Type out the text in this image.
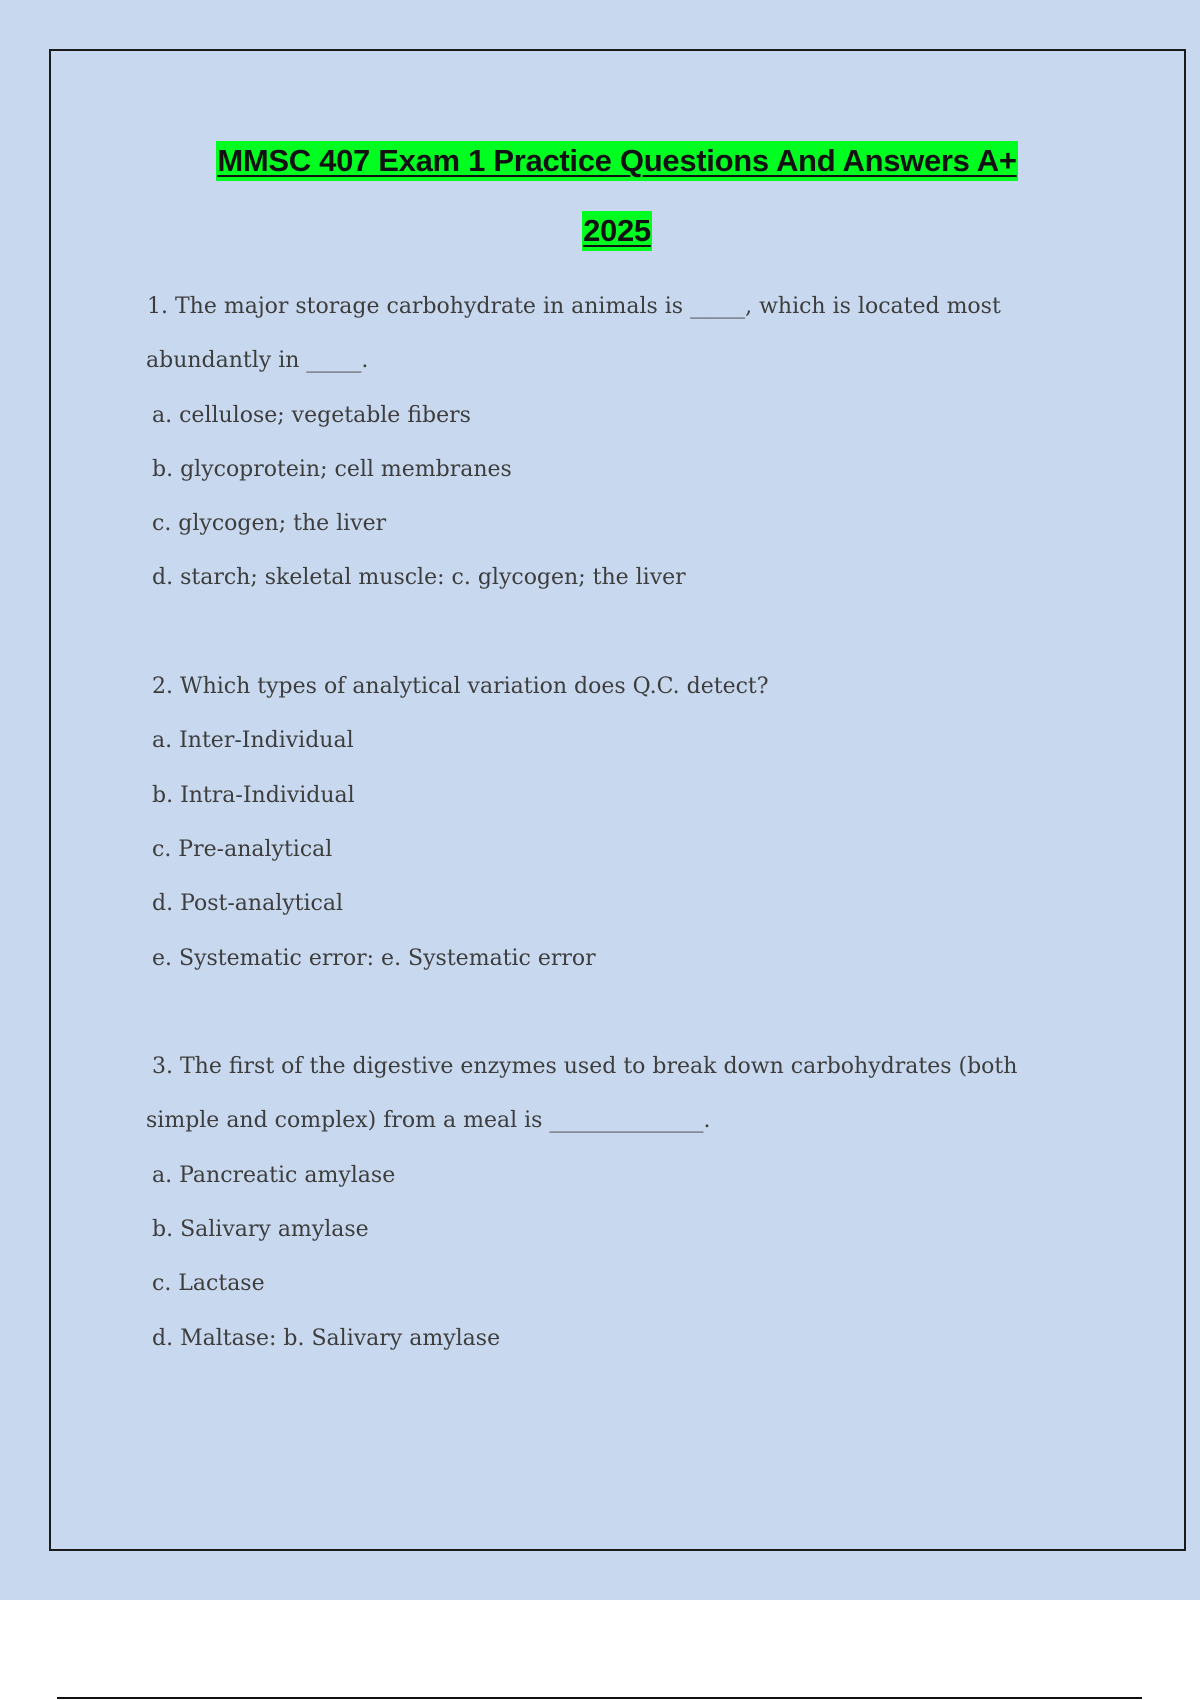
MMSC 407 Exam 1 Practice Questions And Answers A+
2025
1. The major storage carbohydrate in animals is _____, which is located most
abundantly in _____.
a. cellulose; vegetable fibers
b. glycoprotein; cell membranes
c. glycogen; the liver
d. starch; skeletal muscle: c. glycogen; the liver
2. Which types of analytical variation does Q.C. detect?
a. Inter-Individual
b. Intra-Individual
c. Pre-analytical
d. Post-analytical
e. Systematic error: e. Systematic error
3. The first of the digestive enzymes used to break down carbohydrates (both
simple and complex) from a meal is ______________.
a. Pancreatic amylase
b. Salivary amylase
c. Lactase
d. Maltase: b. Salivary amylase
